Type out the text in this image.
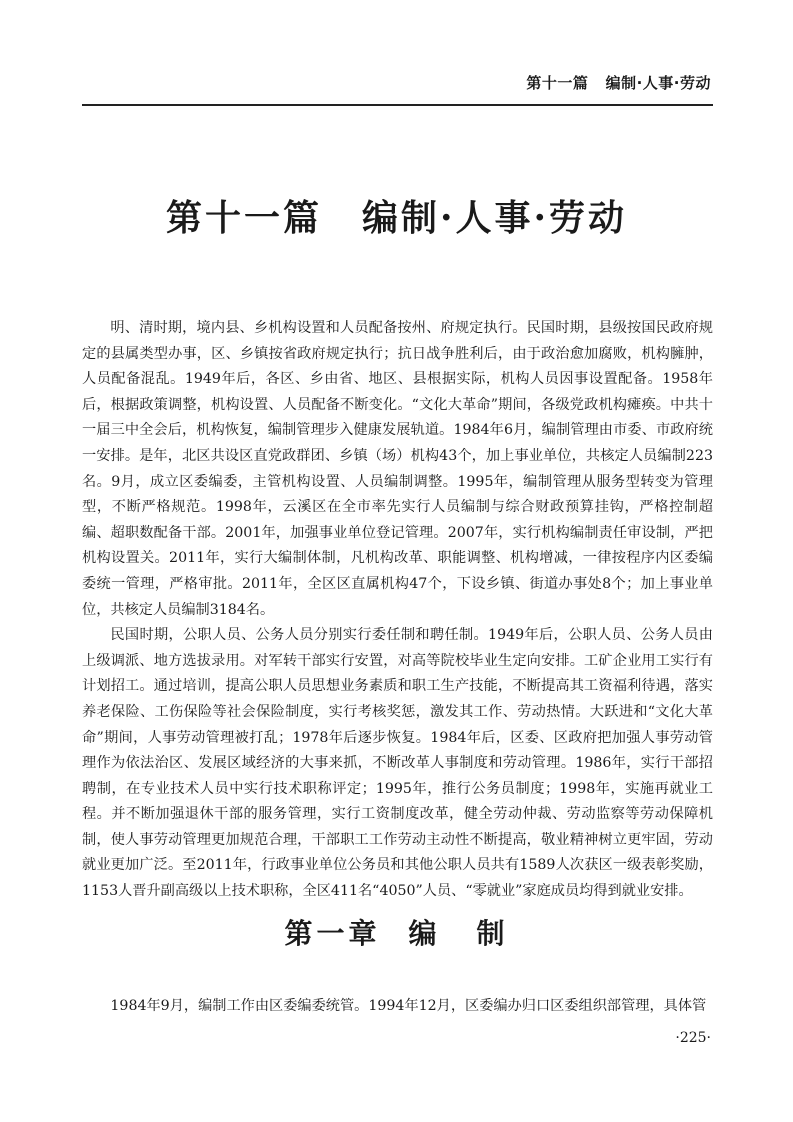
第十一篇 编制·人事·劳动
第十一篇 编制·人事·劳动

明、清时期，境内县、乡机构设置和人员配备按州、府规定执行。民国时期，县级按国民政府规定的县属类型办事，区、乡镇按省政府规定执行；抗日战争胜利后，由于政治愈加腐败，机构臃肿，人员配备混乱。1949年后，各区、乡由省、地区、县根据实际，机构人员因事设置配备。1958年后，根据政策调整，机构设置、人员配备不断变化。“文化大革命”期间，各级党政机构瘫痪。中共十一届三中全会后，机构恢复，编制管理步入健康发展轨道。1984年6月，编制管理由市委、市政府统一安排。是年，北区共设区直党政群团、乡镇（场）机构43个，加上事业单位，共核定人员编制223名。9月，成立区委编委，主管机构设置、人员编制调整。1995年，编制管理从服务型转变为管理型，不断严格规范。1998年，云溪区在全市率先实行人员编制与综合财政预算挂钩，严格控制超编、超职数配备干部。2001年，加强事业单位登记管理。2007年，实行机构编制责任审设制，严把机构设置关。2011年，实行大编制体制，凡机构改革、职能调整、机构增减，一律按程序内区委编委统一管理，严格审批。2011年，全区区直属机构47个，下设乡镇、街道办事处8个；加上事业单位，共核定人员编制3184名。

民国时期，公职人员、公务人员分别实行委任制和聘任制。1949年后，公职人员、公务人员由上级调派、地方选拔录用。对军转干部实行安置，对高等院校毕业生定向安排。工矿企业用工实行有计划招工。通过培训，提高公职人员思想业务素质和职工生产技能，不断提高其工资福利待遇，落实养老保险、工伤保险等社会保险制度，实行考核奖惩，激发其工作、劳动热情。大跃进和“文化大革命”期间，人事劳动管理被打乱；1978年后逐步恢复。1984年后，区委、区政府把加强人事劳动管理作为依法治区、发展区域经济的大事来抓，不断改革人事制度和劳动管理。1986年，实行干部招聘制，在专业技术人员中实行技术职称评定；1995年，推行公务员制度；1998年，实施再就业工程。并不断加强退休干部的服务管理，实行工资制度改革，健全劳动仲裁、劳动监察等劳动保障机制，使人事劳动管理更加规范合理，干部职工工作劳动主动性不断提高，敬业精神树立更牢固，劳动就业更加广泛。至2011年，行政事业单位公务员和其他公职人员共有1589人次获区一级表彰奖励，1153人晋升副高级以上技术职称，全区411名“4050”人员、“零就业”家庭成员均得到就业安排。

第一章 编 制

1984年9月，编制工作由区委编委统管。1994年12月，区委编办归口区委组织部管理，具体管

·225·
